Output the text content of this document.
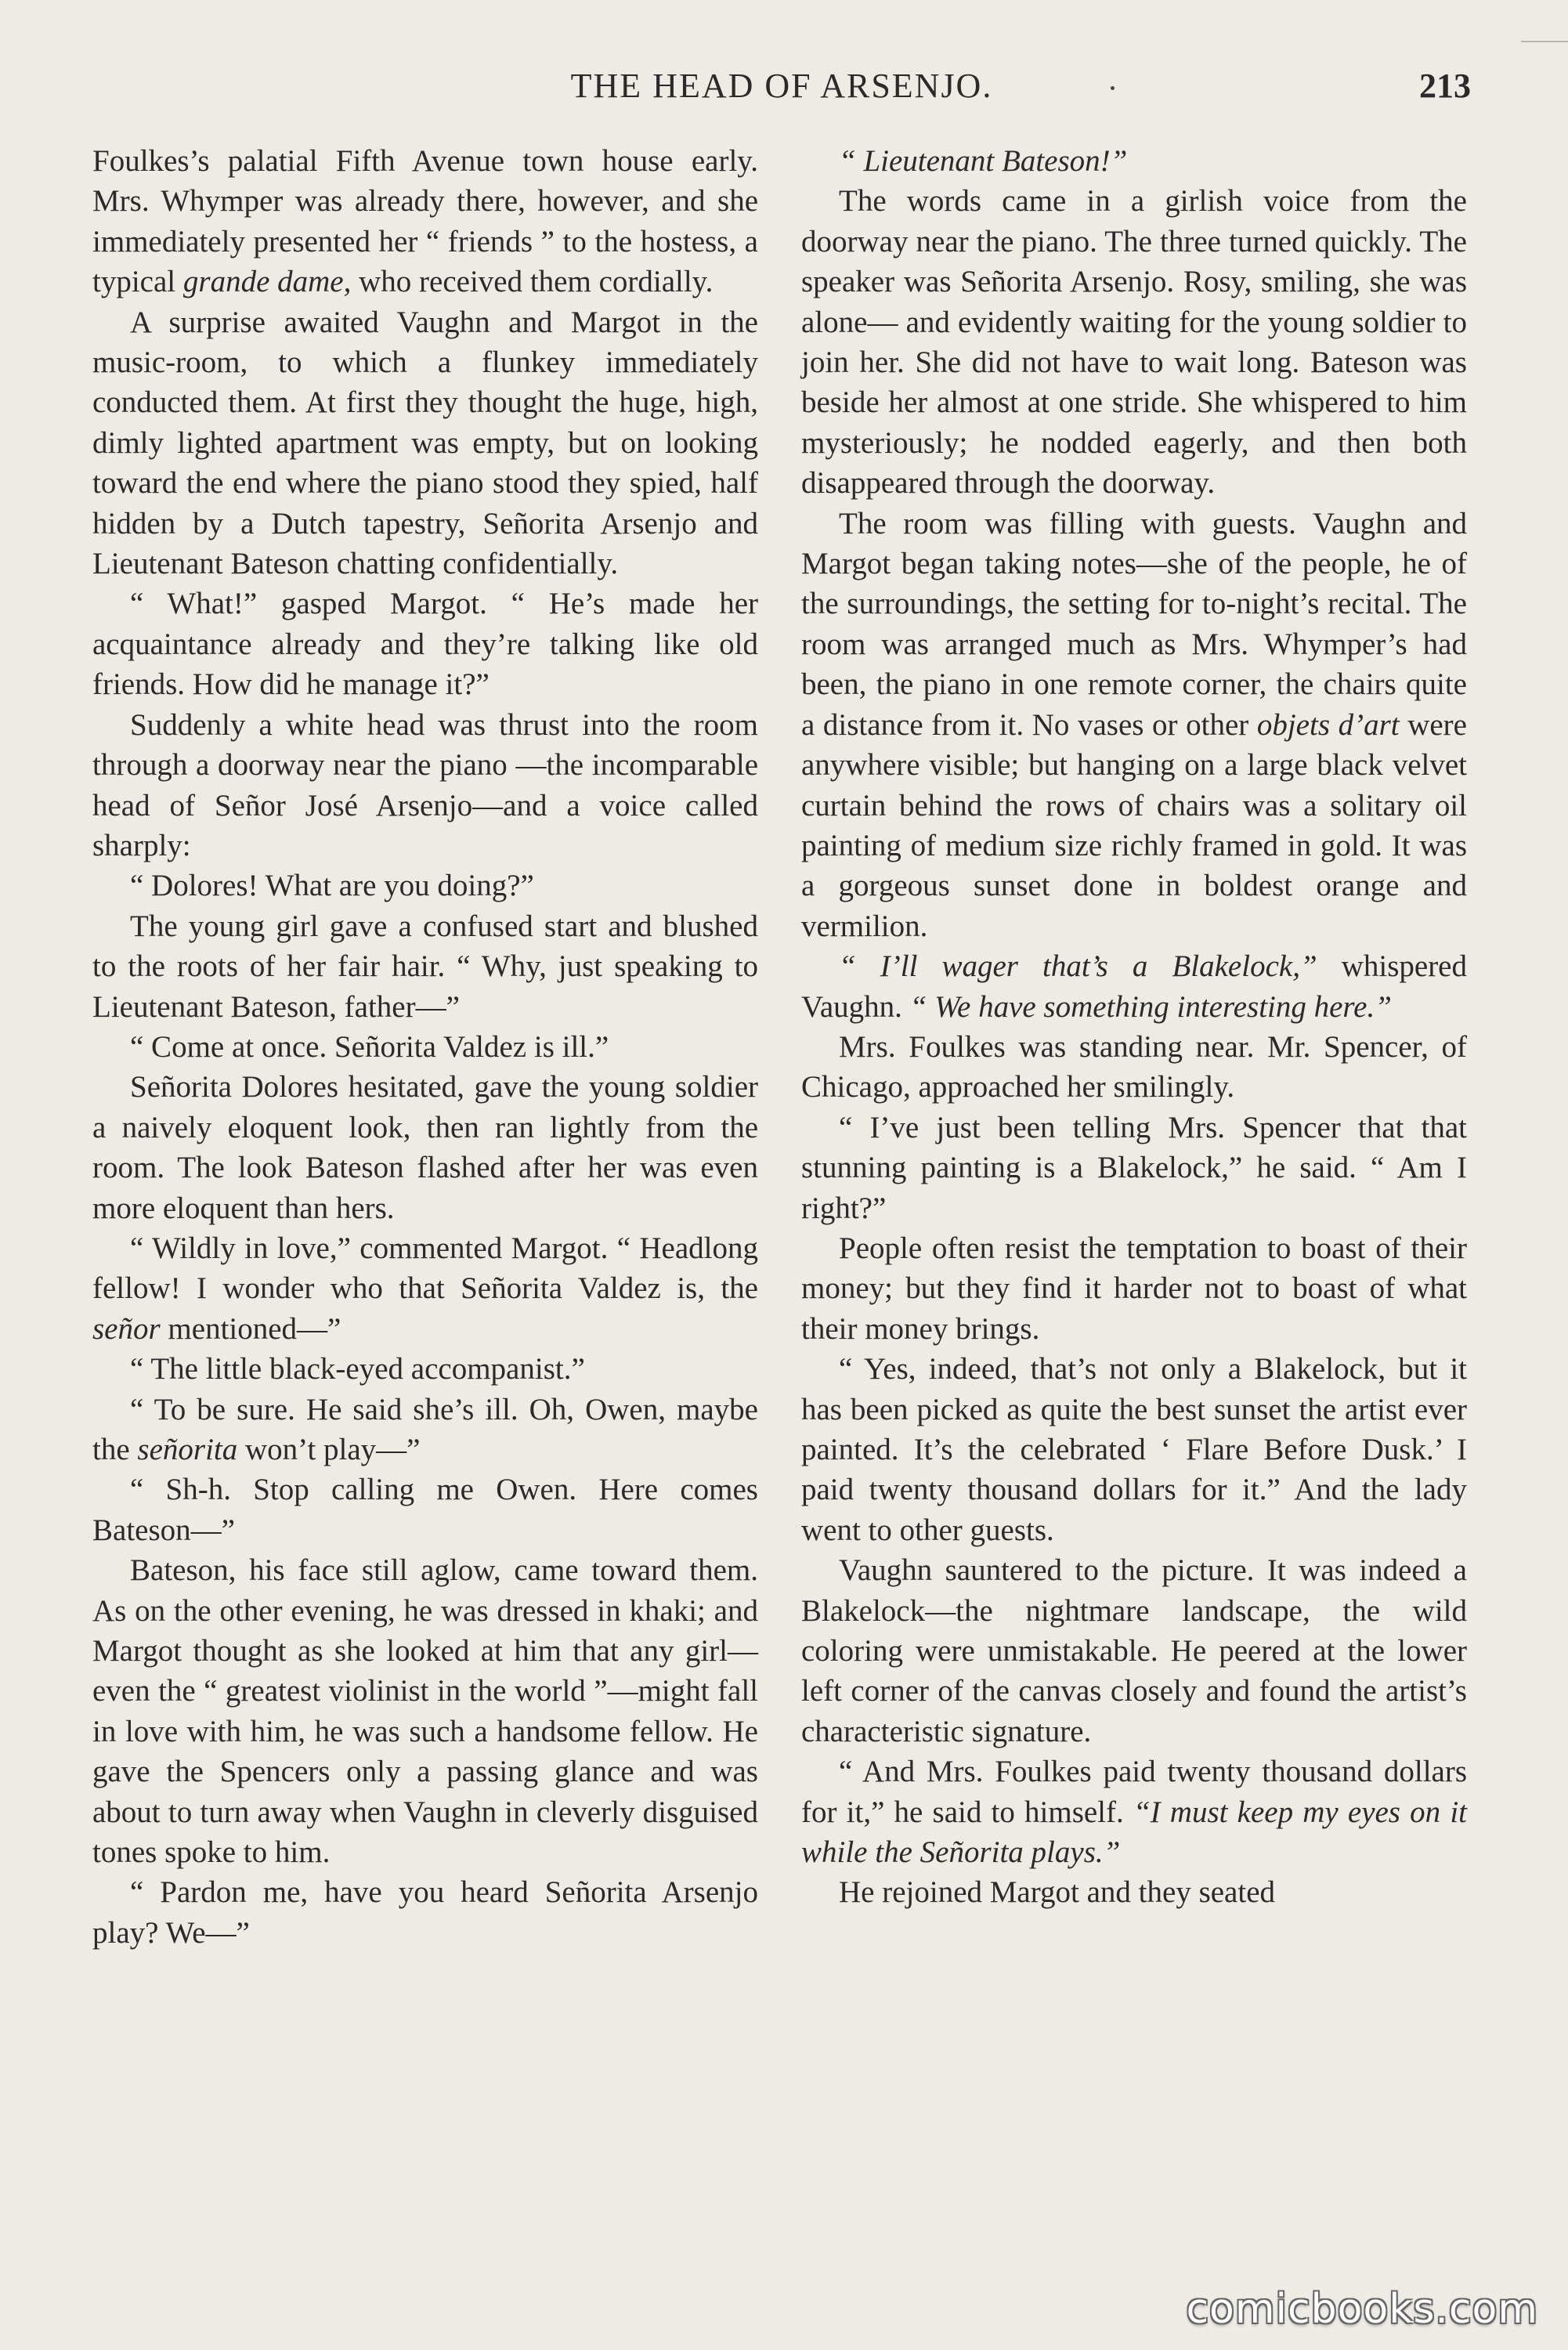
THE HEAD OF ARSENJO.	213

Foulkes’s palatial Fifth Avenue town house early. Mrs. Whymper was already there, however, and she immediately presented her “ friends ” to the hostess, a typical grande dame, who received them cordially.

A surprise awaited Vaughn and Margot in the music-room, to which a flunkey immediately conducted them. At first they thought the huge, high, dimly lighted apartment was empty, but on looking toward the end where the piano stood they spied, half hidden by a Dutch tapestry, Señorita Arsenjo and Lieutenant Bateson chatting confidentially.

“ What!” gasped Margot. “ He’s made her acquaintance already and they’re talking like old friends. How did he manage it?”

Suddenly a white head was thrust into the room through a doorway near the piano —the incomparable head of Señor José Arsenjo—and a voice called sharply:

“ Dolores! What are you doing?”

The young girl gave a confused start and blushed to the roots of her fair hair. “ Why, just speaking to Lieutenant Bateson, father—”

“ Come at once. Señorita Valdez is ill.”

Señorita Dolores hesitated, gave the young soldier a naively eloquent look, then ran lightly from the room. The look Bateson flashed after her was even more eloquent than hers.

“ Wildly in love,” commented Margot. “ Headlong fellow! I wonder who that Señorita Valdez is, the señor mentioned—”

“ The little black-eyed accompanist.”

“ To be sure. He said she’s ill. Oh, Owen, maybe the señorita won’t play—”

“ Sh-h. Stop calling me Owen. Here comes Bateson—”

Bateson, his face still aglow, came toward them. As on the other evening, he was dressed in khaki; and Margot thought as she looked at him that any girl—even the “ greatest violinist in the world ”—might fall in love with him, he was such a handsome fellow. He gave the Spencers only a passing glance and was about to turn away when Vaughn in cleverly disguised tones spoke to him.

“ Pardon me, have you heard Señorita Arsenjo play? We—”

“ Lieutenant Bateson!”

The words came in a girlish voice from the doorway near the piano. The three turned quickly. The speaker was Señorita Arsenjo. Rosy, smiling, she was alone— and evidently waiting for the young soldier to join her. She did not have to wait long. Bateson was beside her almost at one stride. She whispered to him mysteriously; he nodded eagerly, and then both disappeared through the doorway.

The room was filling with guests. Vaughn and Margot began taking notes—she of the people, he of the surroundings, the setting for to-night’s recital. The room was arranged much as Mrs. Whymper’s had been, the piano in one remote corner, the chairs quite a distance from it. No vases or other objets d’art were anywhere visible; but hanging on a large black velvet curtain behind the rows of chairs was a solitary oil painting of medium size richly framed in gold. It was a gorgeous sunset done in boldest orange and vermilion.

“ I’ll wager that’s a Blakelock,” whispered Vaughn. “ We have something interesting here.”

Mrs. Foulkes was standing near. Mr. Spencer, of Chicago, approached her smilingly.

“ I’ve just been telling Mrs. Spencer that that stunning painting is a Blakelock,” he said. “ Am I right?”

People often resist the temptation to boast of their money; but they find it harder not to boast of what their money brings.

“ Yes, indeed, that’s not only a Blakelock, but it has been picked as quite the best sunset the artist ever painted. It’s the celebrated ‘ Flare Before Dusk.’ I paid twenty thousand dollars for it.” And the lady went to other guests.

Vaughn sauntered to the picture. It was indeed a Blakelock—the nightmare landscape, the wild coloring were unmistakable. He peered at the lower left corner of the canvas closely and found the artist’s characteristic signature.

“ And Mrs. Foulkes paid twenty thousand dollars for it,” he said to himself. “I must keep my eyes on it while the Señorita plays.”

He rejoined Margot and they seated

comicbooks.com
